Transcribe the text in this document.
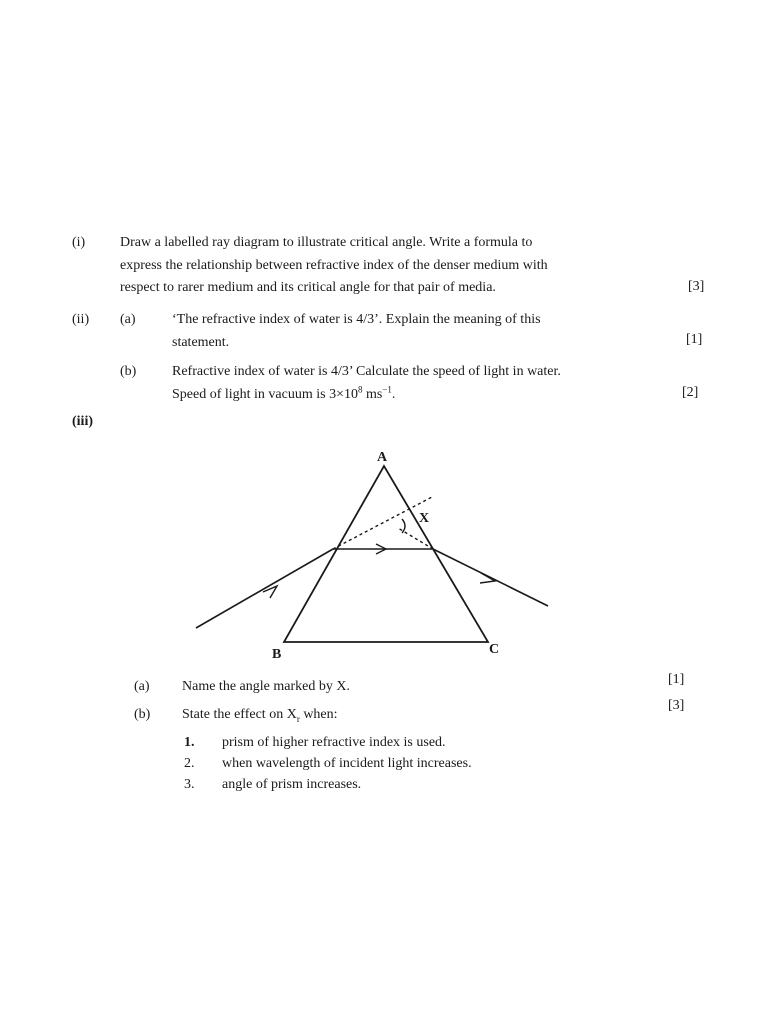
(i) Draw a labelled ray diagram to illustrate critical angle. Write a formula to
express the relationship between refractive index of the denser medium with
respect to rarer medium and its critical angle for that pair of media.	[3]
(ii) (a)	‘The refractive index of water is 4/3’. Explain the meaning of this
statement.	[1]
(b)	Refractive index of water is 4/3’ Calculate the speed of light in water.
Speed of light in vacuum is $3\times 10^8$ $ms^{-1}$.	[2]
(iii)
A
B	C
X
(a) Name the angle marked by X.	[1]
(b) State the effect on $X_r$ when:
[3]
1. prism of higher refractive index is used.
2. when wavelength of incident light increases.
3. angle of prism increases.
